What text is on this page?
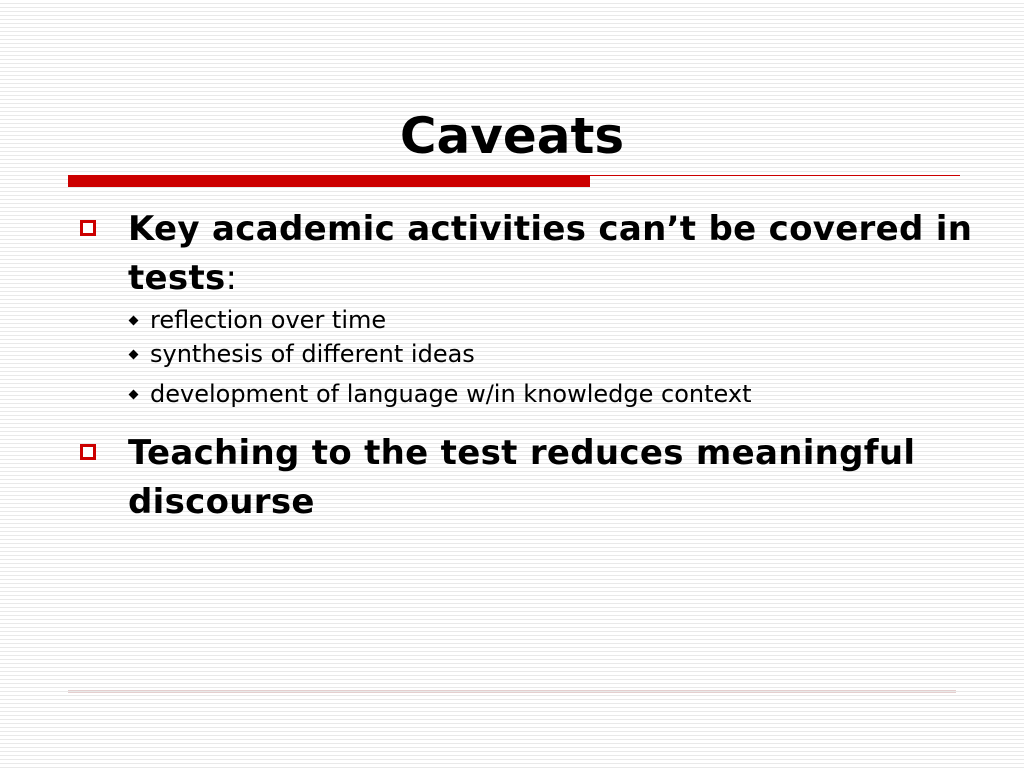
Caveats
Key academic activities can’t be covered in tests:
reflection over time
synthesis of different ideas
development of language w/in knowledge context
Teaching to the test reduces meaningful discourse
